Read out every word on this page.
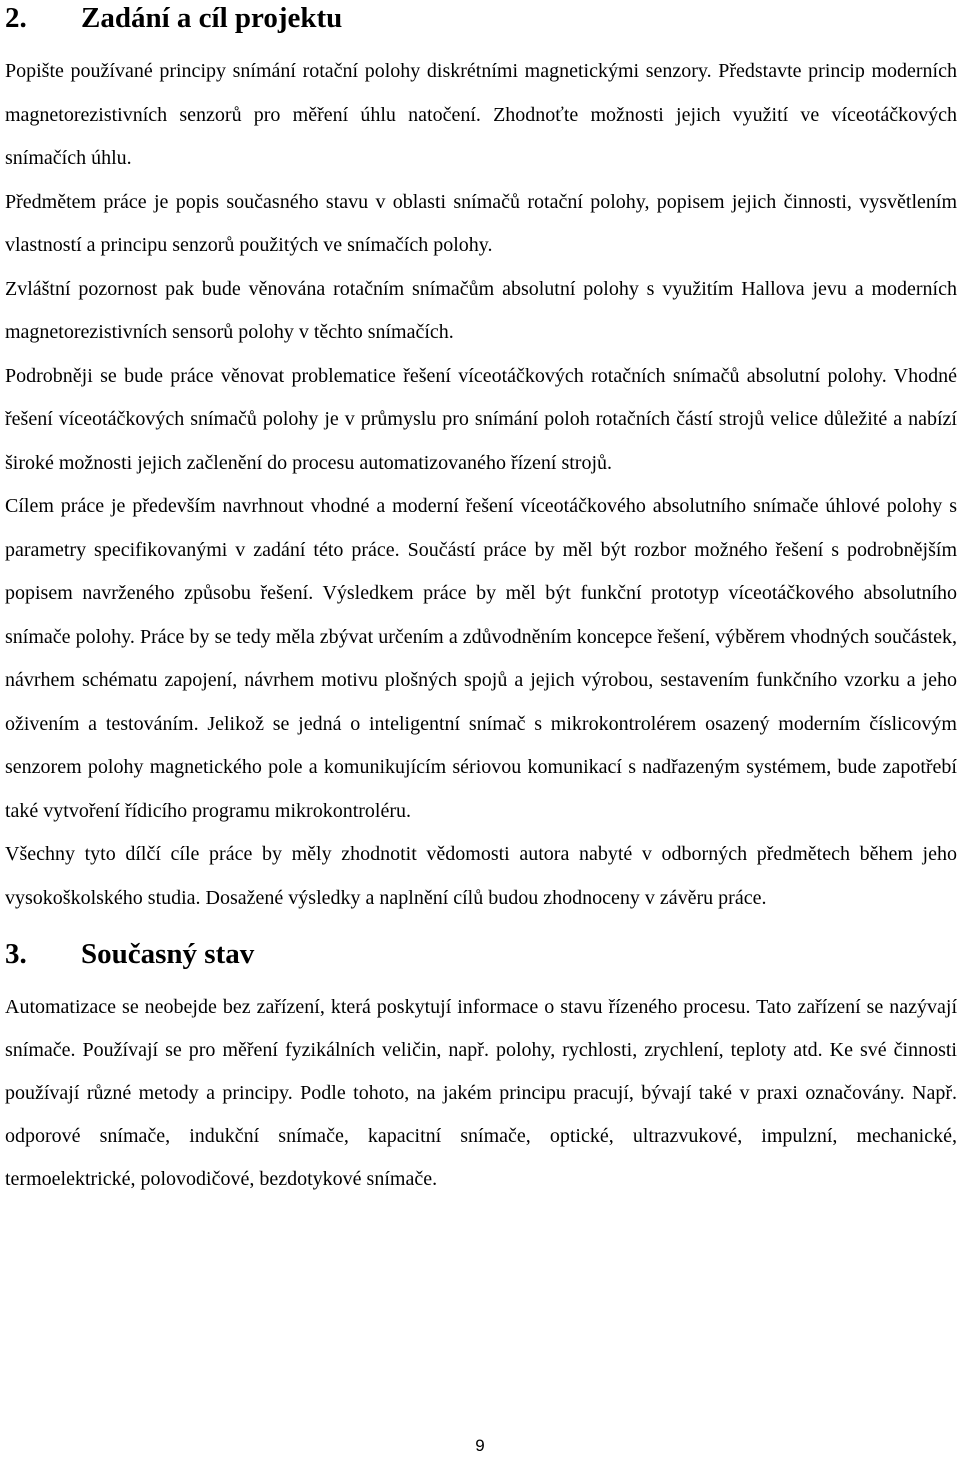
2.	Zadání a cíl projektu

Popište používané principy snímání rotační polohy diskrétními magnetickými senzory. Představte princip moderních magnetorezistivních senzorů pro měření úhlu natočení. Zhodnoťte možnosti jejich využití ve víceotáčkových snímačích úhlu.

Předmětem práce je popis současného stavu v oblasti snímačů rotační polohy, popisem jejich činnosti, vysvětlením vlastností a principu senzorů použitých ve snímačích polohy.

Zvláštní pozornost pak bude věnována rotačním snímačům absolutní polohy s využitím Hallova jevu a moderních magnetorezistivních sensorů polohy v těchto snímačích.

Podrobněji se bude práce věnovat problematice řešení víceotáčkových rotačních snímačů absolutní polohy. Vhodné řešení víceotáčkových snímačů polohy je v průmyslu pro snímání poloh rotačních částí strojů velice důležité a nabízí široké možnosti jejich začlenění do procesu automatizovaného řízení strojů.

Cílem práce je především navrhnout vhodné a moderní řešení víceotáčkového absolutního snímače úhlové polohy s parametry specifikovanými v zadání této práce. Součástí práce by měl být rozbor možného řešení s podrobnějším popisem navrženého způsobu řešení. Výsledkem práce by měl být funkční prototyp víceotáčkového absolutního snímače polohy. Práce by se tedy měla zbývat určením a zdůvodněním koncepce řešení, výběrem vhodných součástek, návrhem schématu zapojení, návrhem motivu plošných spojů a jejich výrobou, sestavením funkčního vzorku a jeho oživením a testováním. Jelikož se jedná o inteligentní snímač s mikrokontrolérem osazený moderním číslicovým senzorem polohy magnetického pole a komunikujícím sériovou komunikací s nadřazeným systémem, bude zapotřebí také vytvoření řídicího programu mikrokontroléru.

Všechny tyto dílčí cíle práce by měly zhodnotit vědomosti autora nabyté v odborných předmětech během jeho vysokoškolského studia. Dosažené výsledky a naplnění cílů budou zhodnoceny v závěru práce.

3.	Současný stav

Automatizace se neobejde bez zařízení, která poskytují informace o stavu řízeného procesu. Tato zařízení se nazývají snímače. Používají se pro měření fyzikálních veličin, např. polohy, rychlosti, zrychlení, teploty atd. Ke své činnosti používají různé metody a principy. Podle tohoto, na jakém principu pracují, bývají také v praxi označovány. Např. odporové snímače, indukční snímače, kapacitní snímače, optické, ultrazvukové, impulzní, mechanické, termoelektrické, polovodičové, bezdotykové snímače.

9
